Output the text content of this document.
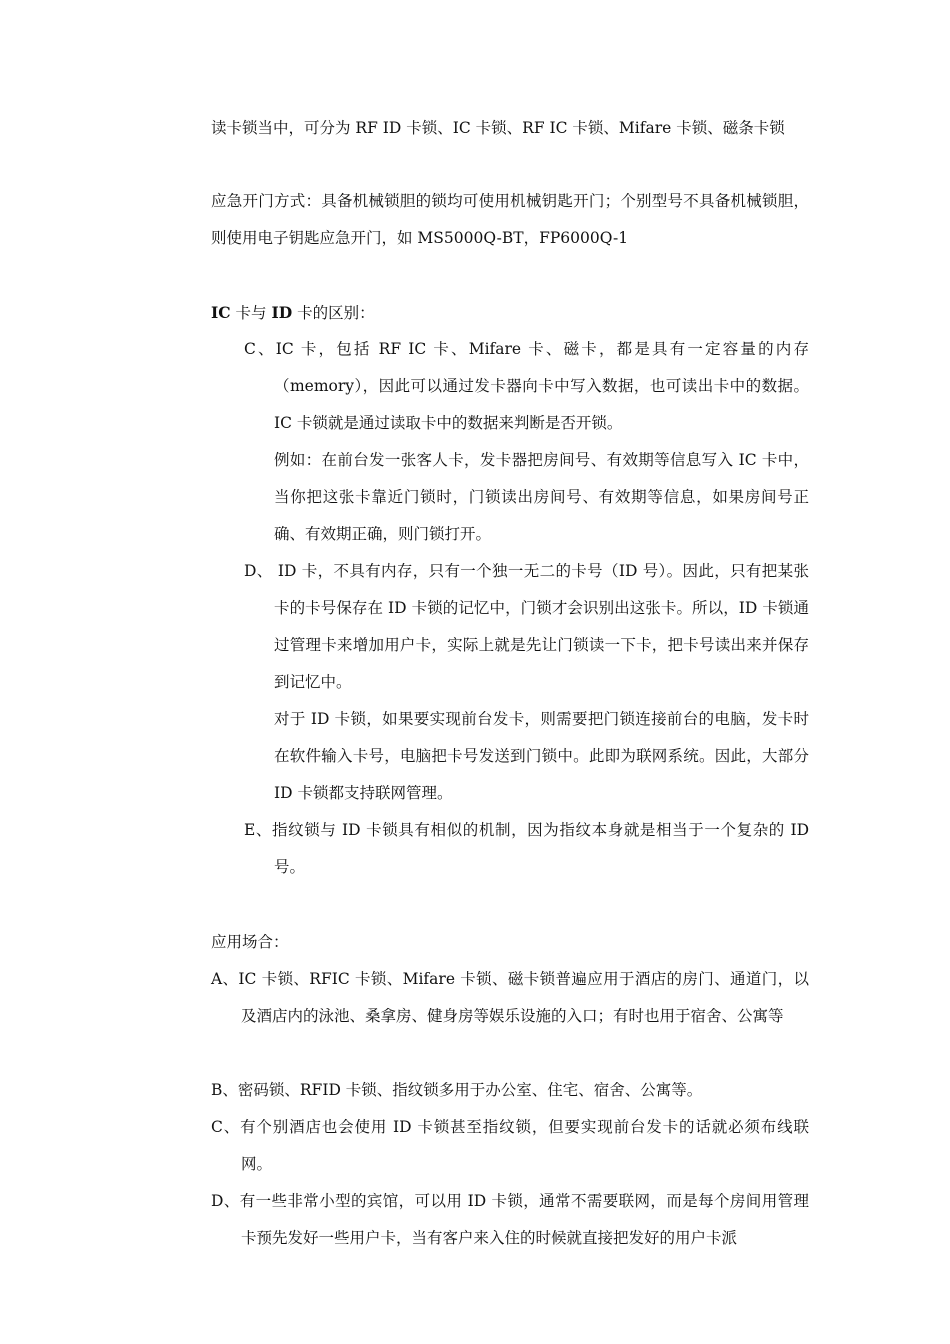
读卡锁当中，可分为 RF ID 卡锁、IC 卡锁、RF IC 卡锁、Mifare 卡锁、磁条卡锁
应急开门方式：具备机械锁胆的锁均可使用机械钥匙开门；个别型号不具备机械锁胆，则使用电子钥匙应急开门，如 MS5000Q-BT，FP6000Q-1
IC 卡与 ID 卡的区别：
C、IC 卡，包括 RF IC 卡、Mifare 卡、磁卡，都是具有一定容量的内存（memory），因此可以通过发卡器向卡中写入数据，也可读出卡中的数据。IC 卡锁就是通过读取卡中的数据来判断是否开锁。
例如：在前台发一张客人卡，发卡器把房间号、有效期等信息写入 IC 卡中，当你把这张卡靠近门锁时，门锁读出房间号、有效期等信息，如果房间号正确、有效期正确，则门锁打开。
D、 ID 卡，不具有内存，只有一个独一无二的卡号（ID 号）。因此，只有把某张卡的卡号保存在 ID 卡锁的记忆中，门锁才会识别出这张卡。所以，ID 卡锁通过管理卡来增加用户卡，实际上就是先让门锁读一下卡，把卡号读出来并保存到记忆中。
对于 ID 卡锁，如果要实现前台发卡，则需要把门锁连接前台的电脑，发卡时在软件输入卡号，电脑把卡号发送到门锁中。此即为联网系统。因此，大部分 ID 卡锁都支持联网管理。
E、指纹锁与 ID 卡锁具有相似的机制，因为指纹本身就是相当于一个复杂的 ID 号。
应用场合：
A、IC 卡锁、RFIC 卡锁、Mifare 卡锁、磁卡锁普遍应用于酒店的房门、通道门，以及酒店内的泳池、桑拿房、健身房等娱乐设施的入口；有时也用于宿舍、公寓等
B、密码锁、RFID 卡锁、指纹锁多用于办公室、住宅、宿舍、公寓等。
C、有个别酒店也会使用 ID 卡锁甚至指纹锁，但要实现前台发卡的话就必须布线联网。
D、有一些非常小型的宾馆，可以用 ID 卡锁，通常不需要联网，而是每个房间用管理卡预先发好一些用户卡，当有客户来入住的时候就直接把发好的用户卡派
